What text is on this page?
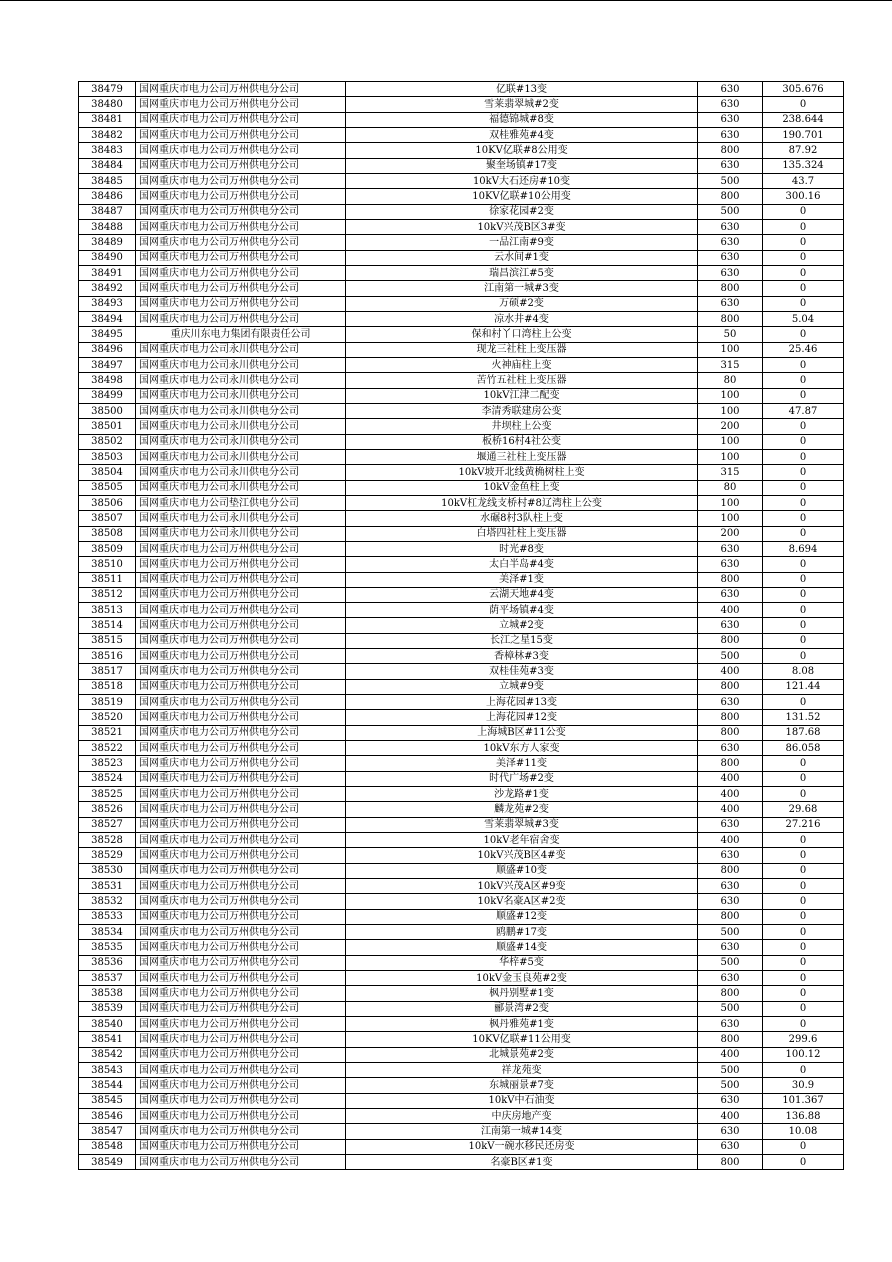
38479	国网重庆市电力公司万州供电分公司	亿联#13变	630	305.676
38480	国网重庆市电力公司万州供电分公司	雪莱翡翠城#2变	630	0
38481	国网重庆市电力公司万州供电分公司	福德锦城#8变	630	238.644
38482	国网重庆市电力公司万州供电分公司	双桂雅苑#4变	630	190.701
38483	国网重庆市电力公司万州供电分公司	10KV亿联#8公用变	800	87.92
38484	国网重庆市电力公司万州供电分公司	聚奎场镇#17变	630	135.324
38485	国网重庆市电力公司万州供电分公司	10kV大石还房#10变	500	43.7
38486	国网重庆市电力公司万州供电分公司	10KV亿联#10公用变	800	300.16
38487	国网重庆市电力公司万州供电分公司	徐家花园#2变	500	0
38488	国网重庆市电力公司万州供电分公司	10kV兴茂B区3#变	630	0
38489	国网重庆市电力公司万州供电分公司	一品江南#9变	630	0
38490	国网重庆市电力公司万州供电分公司	云水间#1变	630	0
38491	国网重庆市电力公司万州供电分公司	瑞昌滨江#5变	630	0
38492	国网重庆市电力公司万州供电分公司	江南第一城#3变	800	0
38493	国网重庆市电力公司万州供电分公司	万硕#2变	630	0
38494	国网重庆市电力公司万州供电分公司	凉水井#4变	800	5.04
38495	重庆川东电力集团有限责任公司	保和村丫口湾柱上公变	50	0
38496	国网重庆市电力公司永川供电分公司	现龙三社柱上变压器	100	25.46
38497	国网重庆市电力公司永川供电分公司	火神庙柱上变	315	0
38498	国网重庆市电力公司永川供电分公司	苦竹五社柱上变压器	80	0
38499	国网重庆市电力公司永川供电分公司	10kV江津二配变	100	0
38500	国网重庆市电力公司永川供电分公司	李清秀联建房公变	100	47.87
38501	国网重庆市电力公司永川供电分公司	井坝柱上公变	200	0
38502	国网重庆市电力公司永川供电分公司	板桥16村4社公变	100	0
38503	国网重庆市电力公司永川供电分公司	堰通三社柱上变压器	100	0
38504	国网重庆市电力公司永川供电分公司	10kV坡开北线黄桷树柱上变	315	0
38505	国网重庆市电力公司永川供电分公司	10kV金鱼柱上变	80	0
38506	国网重庆市电力公司垫江供电分公司	10kV杠龙线支桥村#8辽湾柱上公变	100	0
38507	国网重庆市电力公司永川供电分公司	水碾8村3队柱上变	100	0
38508	国网重庆市电力公司永川供电分公司	白塔四社柱上变压器	200	0
38509	国网重庆市电力公司万州供电分公司	时光#8变	630	8.694
38510	国网重庆市电力公司万州供电分公司	太白半岛#4变	630	0
38511	国网重庆市电力公司万州供电分公司	美泽#1变	800	0
38512	国网重庆市电力公司万州供电分公司	云湖天地#4变	630	0
38513	国网重庆市电力公司万州供电分公司	荫平场镇#4变	400	0
38514	国网重庆市电力公司万州供电分公司	立城#2变	630	0
38515	国网重庆市电力公司万州供电分公司	长江之星15变	800	0
38516	国网重庆市电力公司万州供电分公司	香樟林#3变	500	0
38517	国网重庆市电力公司万州供电分公司	双桂佳苑#3变	400	8.08
38518	国网重庆市电力公司万州供电分公司	立城#9变	800	121.44
38519	国网重庆市电力公司万州供电分公司	上海花园#13变	630	0
38520	国网重庆市电力公司万州供电分公司	上海花园#12变	800	131.52
38521	国网重庆市电力公司万州供电分公司	上海城B区#11公变	800	187.68
38522	国网重庆市电力公司万州供电分公司	10kV东方人家变	630	86.058
38523	国网重庆市电力公司万州供电分公司	美泽#11变	800	0
38524	国网重庆市电力公司万州供电分公司	时代广场#2变	400	0
38525	国网重庆市电力公司万州供电分公司	沙龙路#1变	400	0
38526	国网重庆市电力公司万州供电分公司	麟龙苑#2变	400	29.68
38527	国网重庆市电力公司万州供电分公司	雪莱翡翠城#3变	630	27.216
38528	国网重庆市电力公司万州供电分公司	10kV老年宿舍变	400	0
38529	国网重庆市电力公司万州供电分公司	10kV兴茂B区4#变	630	0
38530	国网重庆市电力公司万州供电分公司	顺盛#10变	800	0
38531	国网重庆市电力公司万州供电分公司	10kV兴茂A区#9变	630	0
38532	国网重庆市电力公司万州供电分公司	10kV名豪A区#2变	630	0
38533	国网重庆市电力公司万州供电分公司	顺盛#12变	800	0
38534	国网重庆市电力公司万州供电分公司	鸥鹏#17变	500	0
38535	国网重庆市电力公司万州供电分公司	顺盛#14变	630	0
38536	国网重庆市电力公司万州供电分公司	华梓#5变	500	0
38537	国网重庆市电力公司万州供电分公司	10kV金玉良苑#2变	630	0
38538	国网重庆市电力公司万州供电分公司	枫丹别墅#1变	800	0
38539	国网重庆市电力公司万州供电分公司	郦景湾#2变	500	0
38540	国网重庆市电力公司万州供电分公司	枫丹雅苑#1变	630	0
38541	国网重庆市电力公司万州供电分公司	10KV亿联#11公用变	800	299.6
38542	国网重庆市电力公司万州供电分公司	北城景苑#2变	400	100.12
38543	国网重庆市电力公司万州供电分公司	祥龙苑变	500	0
38544	国网重庆市电力公司万州供电分公司	东城丽景#7变	500	30.9
38545	国网重庆市电力公司万州供电分公司	10kV中石油变	630	101.367
38546	国网重庆市电力公司万州供电分公司	中庆房地产变	400	136.88
38547	国网重庆市电力公司万州供电分公司	江南第一城#14变	630	10.08
38548	国网重庆市电力公司万州供电分公司	10kV一碗水移民还房变	630	0
38549	国网重庆市电力公司万州供电分公司	名豪B区#1变	800	0
